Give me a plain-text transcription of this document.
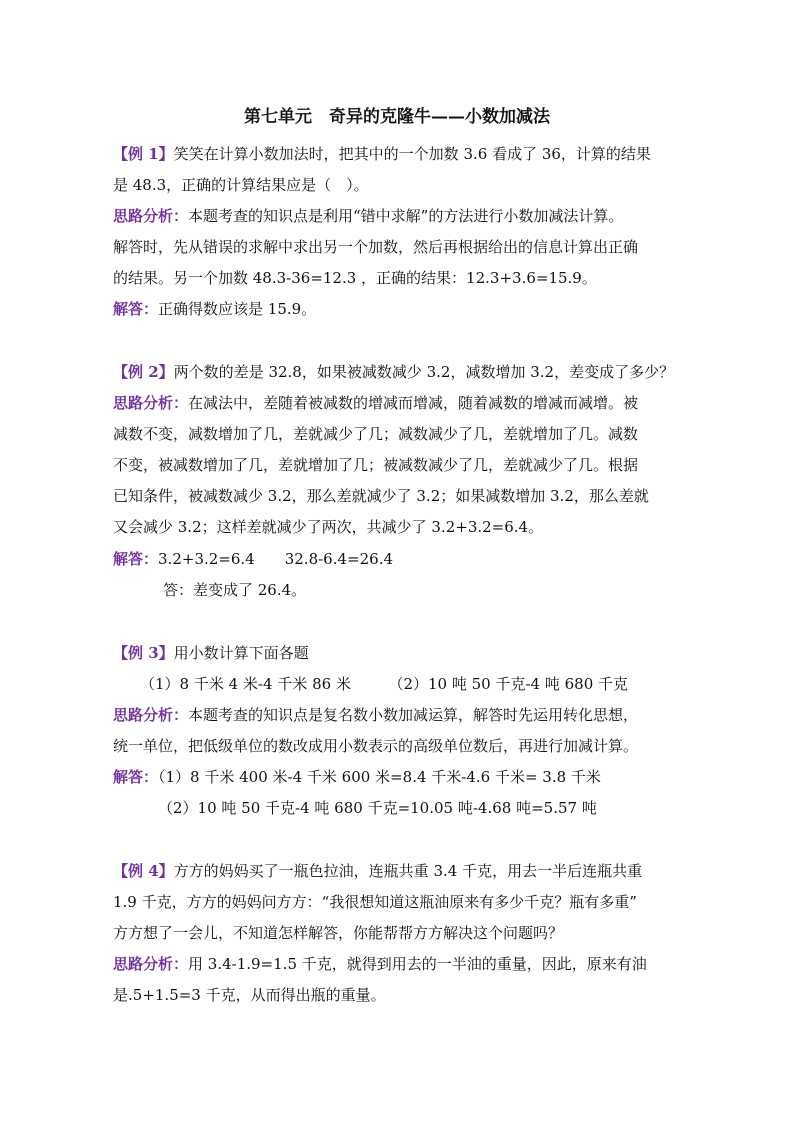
第七单元　奇异的克隆牛——小数加减法
【例 1】笑笑在计算小数加法时，把其中的一个加数 3.6 看成了 36，计算的结果
是 48.3，正确的计算结果应是（　）。
思路分析：本题考查的知识点是利用“错中求解”的方法进行小数加减法计算。
解答时，先从错误的求解中求出另一个加数，然后再根据给出的信息计算出正确
的结果。另一个加数 48.3-36=12.3 ，正确的结果：12.3+3.6=15.9。
解答：正确得数应该是 15.9。
【例 2】两个数的差是 32.8，如果被减数减少 3.2，减数增加 3.2，差变成了多少？
思路分析：在减法中，差随着被减数的增减而增减，随着减数的增减而减增。被
减数不变，减数增加了几，差就减少了几；减数减少了几，差就增加了几。减数
不变，被减数增加了几，差就增加了几；被减数减少了几，差就减少了几。根据
已知条件，被减数减少 3.2，那么差就减少了 3.2；如果减数增加 3.2，那么差就
又会减少 3.2；这样差就减少了两次，共减少了 3.2+3.2=6.4。
解答：3.2+3.2=6.4　　32.8-6.4=26.4
答：差变成了 26.4。
【例 3】用小数计算下面各题
（1）8 千米 4 米-4 千米 86 米　　　（2）10 吨 50 千克-4 吨 680 千克
思路分析：本题考查的知识点是复名数小数加减运算，解答时先运用转化思想，
统一单位，把低级单位的数改成用小数表示的高级单位数后，再进行加减计算。
解答：（1）8 千米 400 米-4 千米 600 米=8.4 千米-4.6 千米= 3.8 千米
（2）10 吨 50 千克-4 吨 680 千克=10.05 吨-4.68 吨=5.57 吨
【例 4】方方的妈妈买了一瓶色拉油，连瓶共重 3.4 千克，用去一半后连瓶共重
1.9 千克，方方的妈妈问方方：“我很想知道这瓶油原来有多少千克？瓶有多重”
方方想了一会儿，不知道怎样解答，你能帮帮方方解决这个问题吗？
思路分析：用 3.4-1.9=1.5 千克，就得到用去的一半油的重量，因此，原来有油
是.5+1.5=3 千克，从而得出瓶的重量。
